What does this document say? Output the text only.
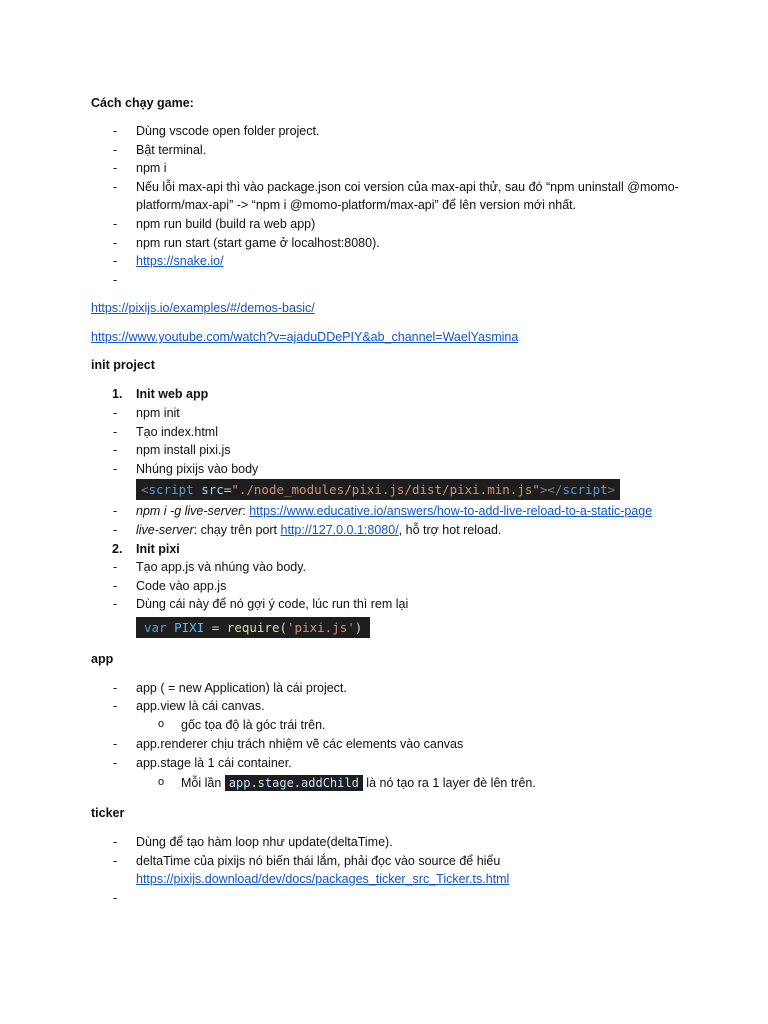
Cách chạy game:

- Dùng vscode open folder project.
- Bật terminal.
- npm i
- Nếu lỗi max-api thì vào package.json coi version của max-api thử, sau đó “npm uninstall @momo-platform/max-api” -> “npm i @momo-platform/max-api” để lên version mới nhất.
- npm run build (build ra web app)
- npm run start (start game ở localhost:8080).
- https://snake.io/
-
https://pixijs.io/examples/#/demos-basic/
https://www.youtube.com/watch?v=ajaduDDePIY&ab_channel=WaelYasmina

init project

1. Init web app
- npm init
- Tạo index.html
- npm install pixi.js
- Nhúng pixijs vào body
<script src="./node_modules/pixi.js/dist/pixi.min.js"></script>
- npm i -g live-server: https://www.educative.io/answers/how-to-add-live-reload-to-a-static-page
- live-server: chạy trên port http://127.0.0.1:8080/, hỗ trợ hot reload.
2. Init pixi
- Tạo app.js và nhúng vào body.
- Code vào app.js
- Dùng cái này để nó gợi ý code, lúc run thì rem lại
var PIXI = require('pixi.js')

app

- app ( = new Application) là cái project.
- app.view là cái canvas.
o gốc tọa độ là góc trái trên.
- app.renderer chịu trách nhiệm vẽ các elements vào canvas
- app.stage là 1 cái container.
o Mỗi lần app.stage.addChild là nó tạo ra 1 layer đè lên trên.

ticker

- Dùng để tạo hàm loop như update(deltaTime).
- deltaTime của pixijs nó biến thái lắm, phải đọc vào source để hiểu
https://pixijs.download/dev/docs/packages_ticker_src_Ticker.ts.html
-
